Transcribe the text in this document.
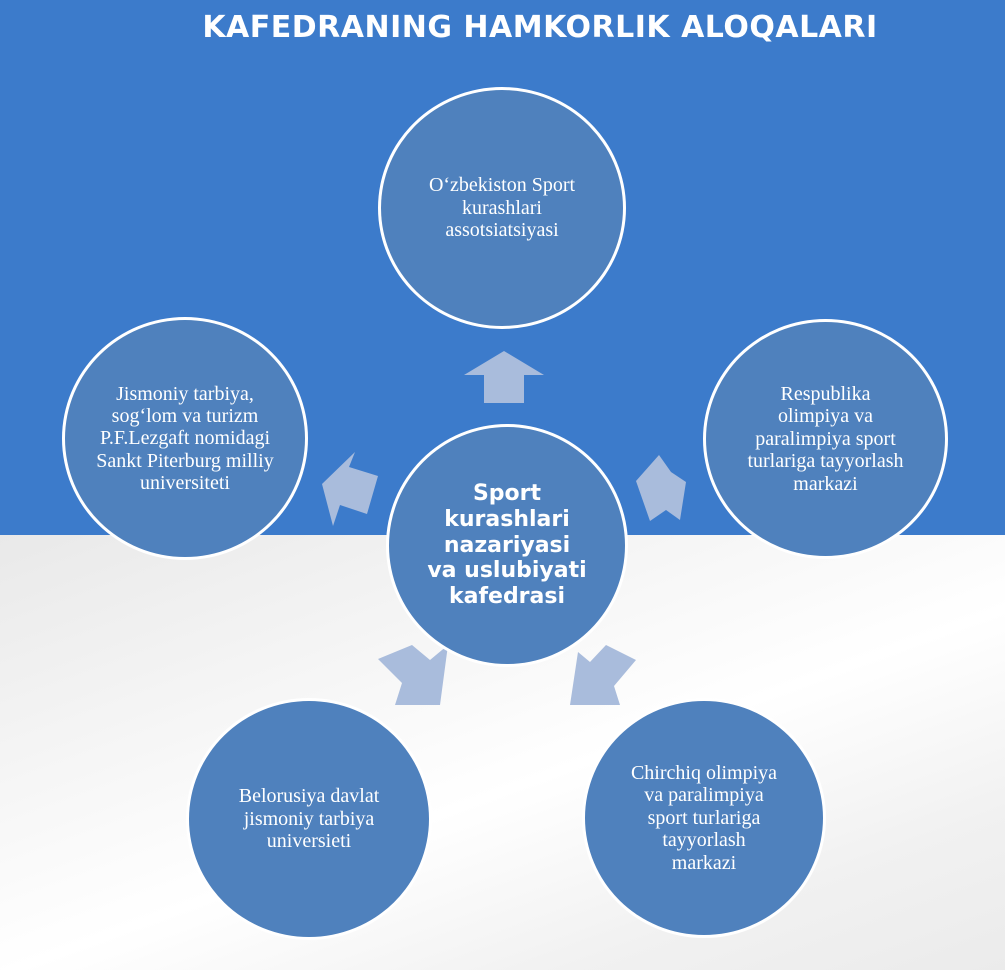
KAFEDRANING HAMKORLIK ALOQALARI
O‘zbekiston Sport kurashlari assotsiatsiyasi
Jismoniy tarbiya, sog‘lom va turizm P.F.Lezgaft nomidagi Sankt Piterburg milliy universiteti
Respublika olimpiya va paralimpiya sport turlariga tayyorlash markazi
Belorusiya davlat jismoniy tarbiya universieti
Chirchiq olimpiya va paralimpiya sport turlariga tayyorlash markazi
Sport kurashlari nazariyasi va uslubiyati kafedrasi
